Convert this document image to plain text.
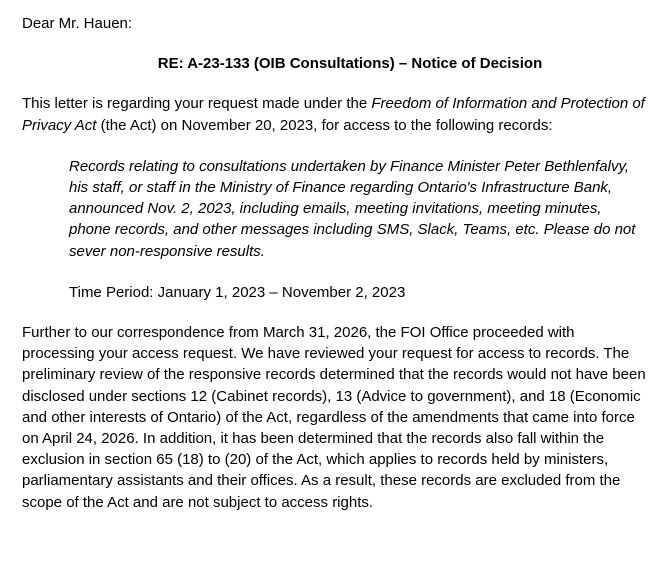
Dear Mr. Hauen:

RE: A-23-133 (OIB Consultations) – Notice of Decision

This letter is regarding your request made under the Freedom of Information and Protection of Privacy Act (the Act) on November 20, 2023, for access to the following records:

Records relating to consultations undertaken by Finance Minister Peter Bethlenfalvy, his staff, or staff in the Ministry of Finance regarding Ontario's Infrastructure Bank, announced Nov. 2, 2023, including emails, meeting invitations, meeting minutes, phone records, and other messages including SMS, Slack, Teams, etc. Please do not sever non-responsive results.

Time Period: January 1, 2023 – November 2, 2023

Further to our correspondence from March 31, 2026, the FOI Office proceeded with processing your access request. We have reviewed your request for access to records. The preliminary review of the responsive records determined that the records would not have been disclosed under sections 12 (Cabinet records), 13 (Advice to government), and 18 (Economic and other interests of Ontario) of the Act, regardless of the amendments that came into force on April 24, 2026. In addition, it has been determined that the records also fall within the exclusion in section 65 (18) to (20) of the Act, which applies to records held by ministers, parliamentary assistants and their offices. As a result, these records are excluded from the scope of the Act and are not subject to access rights.
